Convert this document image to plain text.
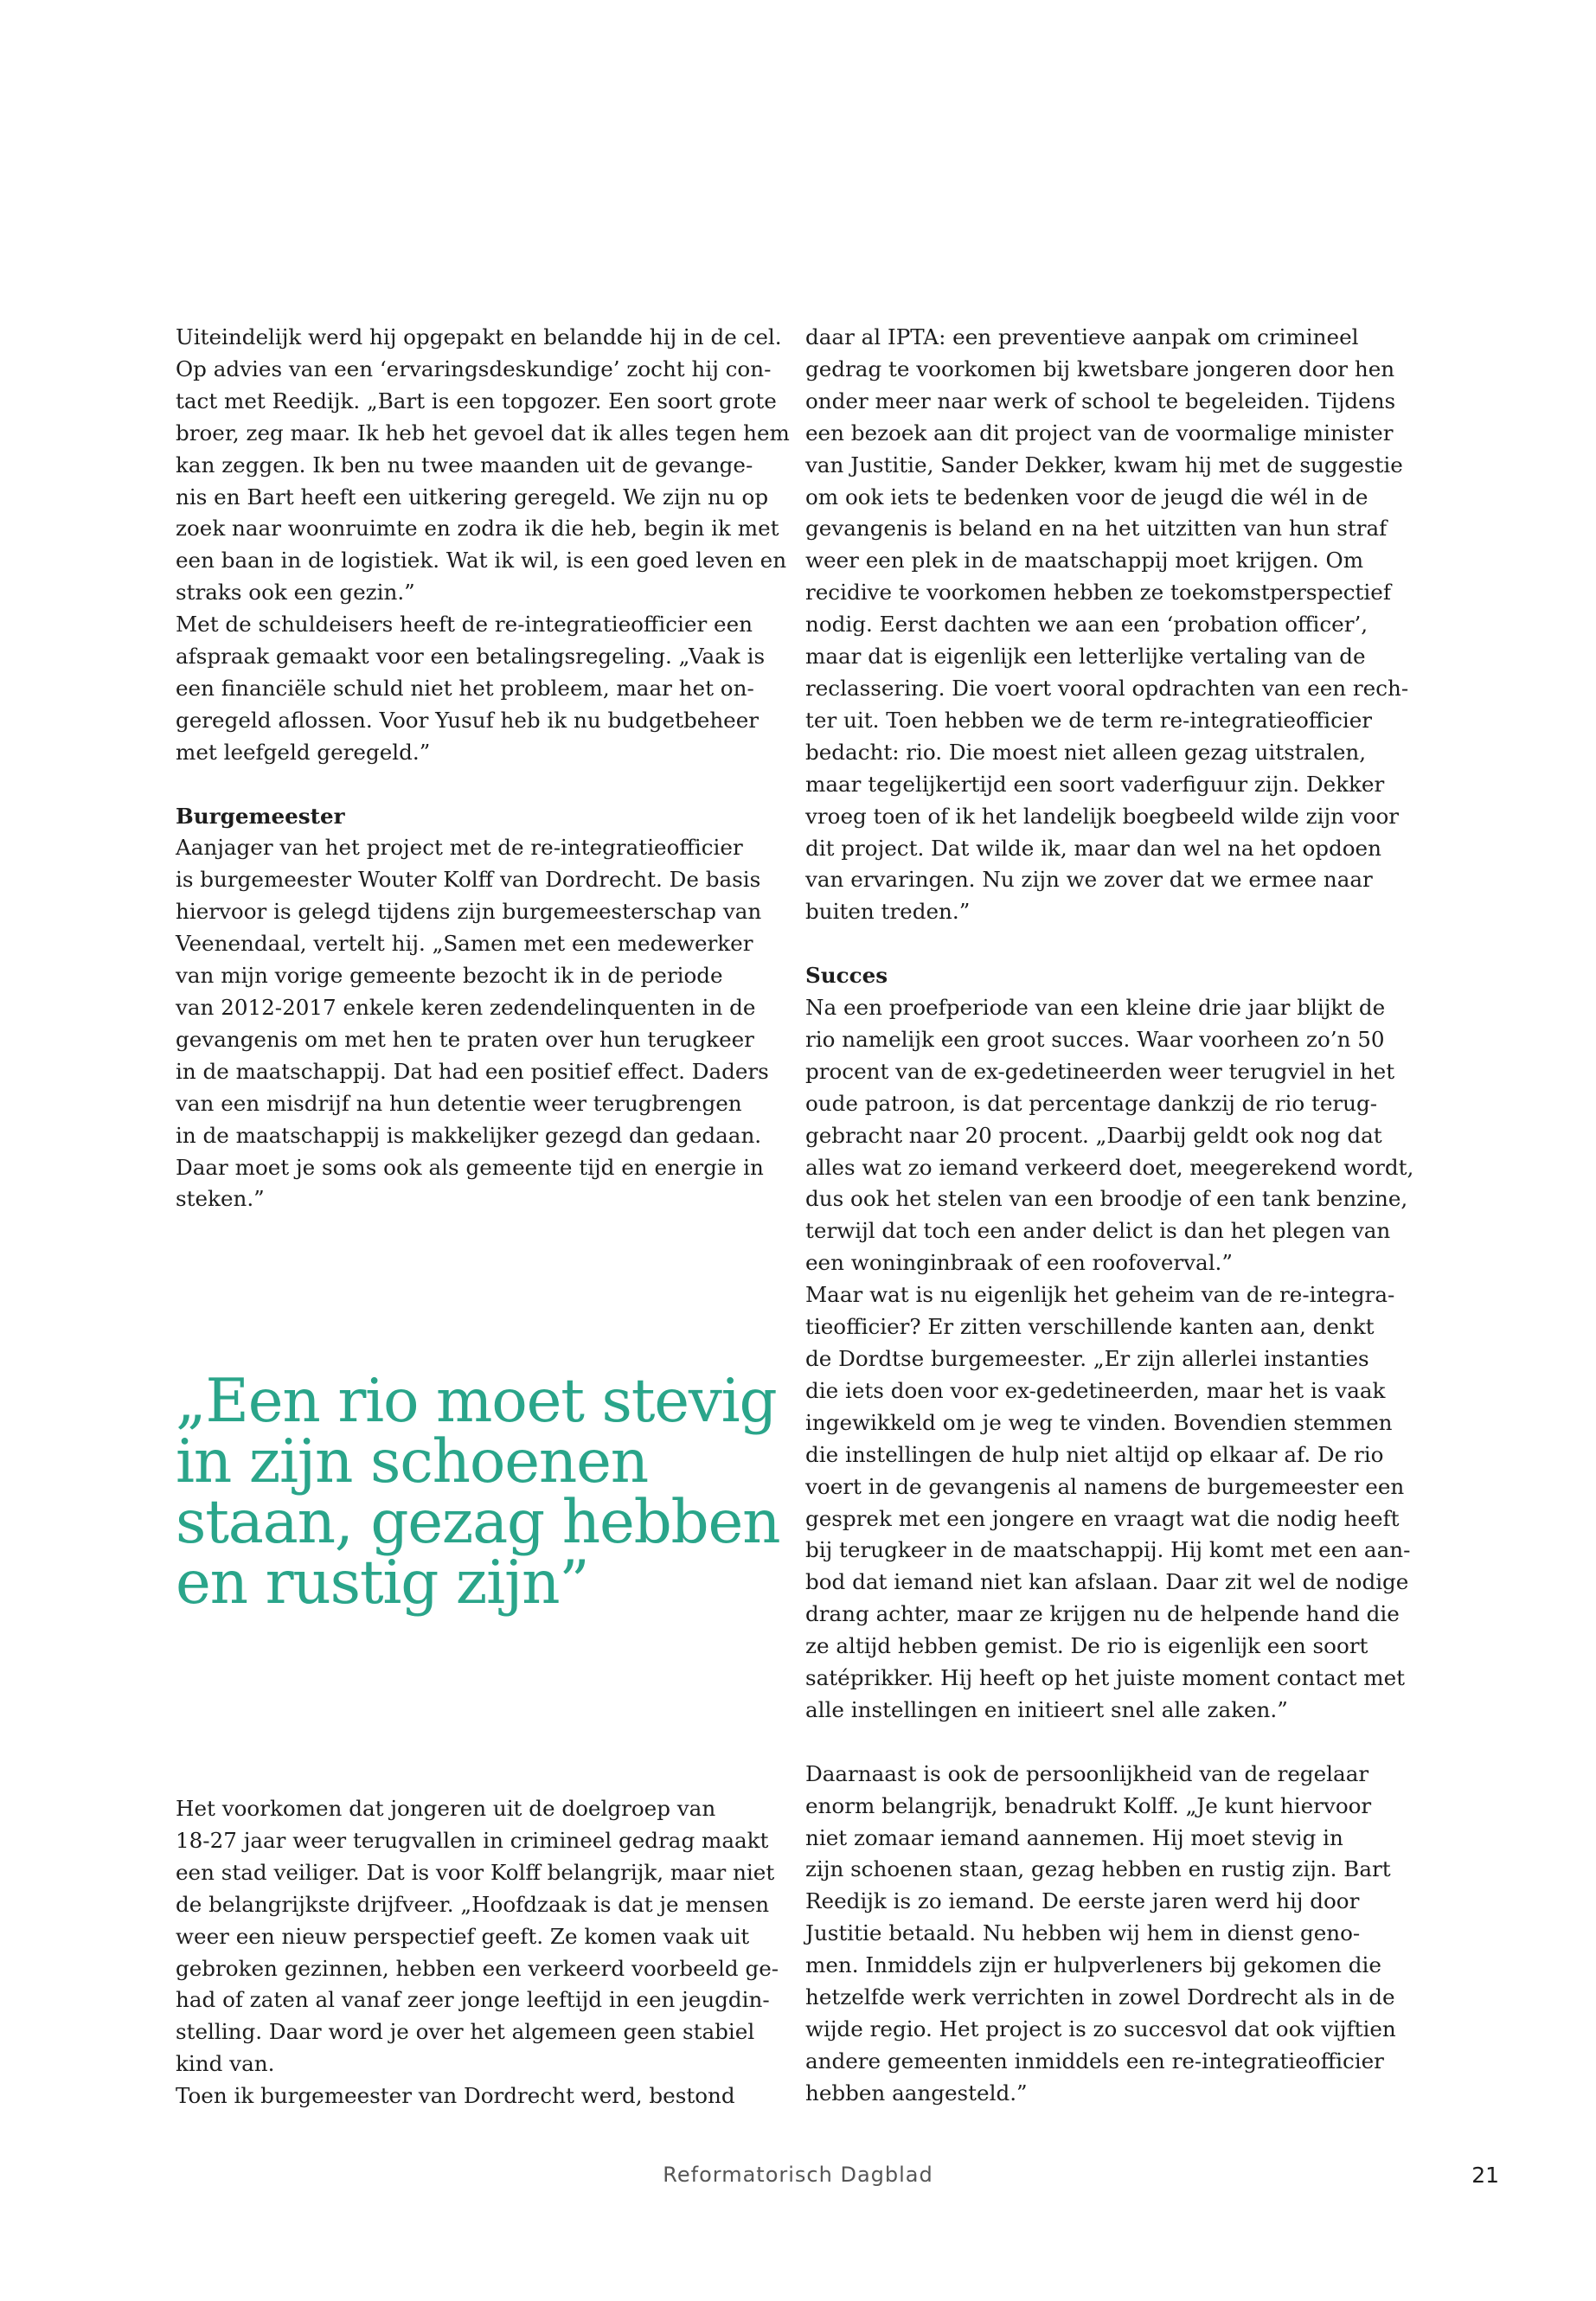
Uiteindelijk werd hij opgepakt en belandde hij in de cel.
Op advies van een ‘ervaringsdeskundige’ zocht hij con-
tact met Reedijk. „Bart is een topgozer. Een soort grote
broer, zeg maar. Ik heb het gevoel dat ik alles tegen hem
kan zeggen. Ik ben nu twee maanden uit de gevange-
nis en Bart heeft een uitkering geregeld. We zijn nu op
zoek naar woonruimte en zodra ik die heb, begin ik met
een baan in de logistiek. Wat ik wil, is een goed leven en
straks ook een gezin.”
Met de schuldeisers heeft de re-integratieofficier een
afspraak gemaakt voor een betalingsregeling. „Vaak is
een financiële schuld niet het probleem, maar het on-
geregeld aflossen. Voor Yusuf heb ik nu budgetbeheer
met leefgeld geregeld.”
Burgemeester
Aanjager van het project met de re-integratieofficier
is burgemeester Wouter Kolff van Dordrecht. De basis
hiervoor is gelegd tijdens zijn burgemeesterschap van
Veenendaal, vertelt hij. „Samen met een medewerker
van mijn vorige gemeente bezocht ik in de periode
van 2012-2017 enkele keren zedendelinquenten in de
gevangenis om met hen te praten over hun terugkeer
in de maatschappij. Dat had een positief effect. Daders
van een misdrijf na hun detentie weer terugbrengen
in de maatschappij is makkelijker gezegd dan gedaan.
Daar moet je soms ook als gemeente tijd en energie in
steken.”
„Een rio moet stevig
in zijn schoenen
staan, gezag hebben
en rustig zijn”
Het voorkomen dat jongeren uit de doelgroep van
18-27 jaar weer terugvallen in crimineel gedrag maakt
een stad veiliger. Dat is voor Kolff belangrijk, maar niet
de belangrijkste drijfveer. „Hoofdzaak is dat je mensen
weer een nieuw perspectief geeft. Ze komen vaak uit
gebroken gezinnen, hebben een verkeerd voorbeeld ge-
had of zaten al vanaf zeer jonge leeftijd in een jeugdin-
stelling. Daar word je over het algemeen geen stabiel
kind van.
Toen ik burgemeester van Dordrecht werd, bestond
daar al IPTA: een preventieve aanpak om crimineel
gedrag te voorkomen bij kwetsbare jongeren door hen
onder meer naar werk of school te begeleiden. Tijdens
een bezoek aan dit project van de voormalige minister
van Justitie, Sander Dekker, kwam hij met de suggestie
om ook iets te bedenken voor de jeugd die wél in de
gevangenis is beland en na het uitzitten van hun straf
weer een plek in de maatschappij moet krijgen. Om
recidive te voorkomen hebben ze toekomstperspectief
nodig. Eerst dachten we aan een ‘probation officer’,
maar dat is eigenlijk een letterlijke vertaling van de
reclassering. Die voert vooral opdrachten van een rech-
ter uit. Toen hebben we de term re-integratieofficier
bedacht: rio. Die moest niet alleen gezag uitstralen,
maar tegelijkertijd een soort vaderfiguur zijn. Dekker
vroeg toen of ik het landelijk boegbeeld wilde zijn voor
dit project. Dat wilde ik, maar dan wel na het opdoen
van ervaringen. Nu zijn we zover dat we ermee naar
buiten treden.”
Succes
Na een proefperiode van een kleine drie jaar blijkt de
rio namelijk een groot succes. Waar voorheen zo’n 50
procent van de ex-gedetineerden weer terugviel in het
oude patroon, is dat percentage dankzij de rio terug-
gebracht naar 20 procent. „Daarbij geldt ook nog dat
alles wat zo iemand verkeerd doet, meegerekend wordt,
dus ook het stelen van een broodje of een tank benzine,
terwijl dat toch een ander delict is dan het plegen van
een woninginbraak of een roofoverval.”
Maar wat is nu eigenlijk het geheim van de re-integra-
tieofficier? Er zitten verschillende kanten aan, denkt
de Dordtse burgemeester. „Er zijn allerlei instanties
die iets doen voor ex-gedetineerden, maar het is vaak
ingewikkeld om je weg te vinden. Bovendien stemmen
die instellingen de hulp niet altijd op elkaar af. De rio
voert in de gevangenis al namens de burgemeester een
gesprek met een jongere en vraagt wat die nodig heeft
bij terugkeer in de maatschappij. Hij komt met een aan-
bod dat iemand niet kan afslaan. Daar zit wel de nodige
drang achter, maar ze krijgen nu de helpende hand die
ze altijd hebben gemist. De rio is eigenlijk een soort
satéprikker. Hij heeft op het juiste moment contact met
alle instellingen en initieert snel alle zaken.”
Daarnaast is ook de persoonlijkheid van de regelaar
enorm belangrijk, benadrukt Kolff. „Je kunt hiervoor
niet zomaar iemand aannemen. Hij moet stevig in
zijn schoenen staan, gezag hebben en rustig zijn. Bart
Reedijk is zo iemand. De eerste jaren werd hij door
Justitie betaald. Nu hebben wij hem in dienst geno-
men. Inmiddels zijn er hulpverleners bij gekomen die
hetzelfde werk verrichten in zowel Dordrecht als in de
wijde regio. Het project is zo succesvol dat ook vijftien
andere gemeenten inmiddels een re-integratieofficier
hebben aangesteld.”
Reformatorisch Dagblad	21
